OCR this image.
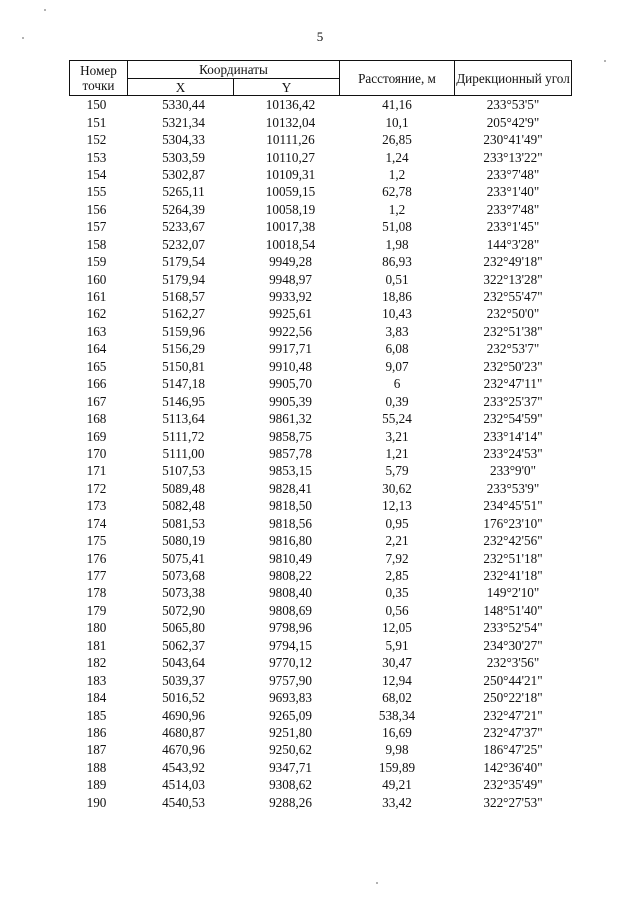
5
Номер точки	Координаты		Расстояние, м	Дирекционный угол
	X	Y		
150	5330,44	10136,42	41,16	233°53'5"
151	5321,34	10132,04	10,1	205°42'9"
152	5304,33	10111,26	26,85	230°41'49"
153	5303,59	10110,27	1,24	233°13'22"
154	5302,87	10109,31	1,2	233°7'48"
155	5265,11	10059,15	62,78	233°1'40"
156	5264,39	10058,19	1,2	233°7'48"
157	5233,67	10017,38	51,08	233°1'45"
158	5232,07	10018,54	1,98	144°3'28"
159	5179,54	9949,28	86,93	232°49'18"
160	5179,94	9948,97	0,51	322°13'28"
161	5168,57	9933,92	18,86	232°55'47"
162	5162,27	9925,61	10,43	232°50'0"
163	5159,96	9922,56	3,83	232°51'38"
164	5156,29	9917,71	6,08	232°53'7"
165	5150,81	9910,48	9,07	232°50'23"
166	5147,18	9905,70	6	232°47'11"
167	5146,95	9905,39	0,39	233°25'37"
168	5113,64	9861,32	55,24	232°54'59"
169	5111,72	9858,75	3,21	233°14'14"
170	5111,00	9857,78	1,21	233°24'53"
171	5107,53	9853,15	5,79	233°9'0"
172	5089,48	9828,41	30,62	233°53'9"
173	5082,48	9818,50	12,13	234°45'51"
174	5081,53	9818,56	0,95	176°23'10"
175	5080,19	9816,80	2,21	232°42'56"
176	5075,41	9810,49	7,92	232°51'18"
177	5073,68	9808,22	2,85	232°41'18"
178	5073,38	9808,40	0,35	149°2'10"
179	5072,90	9808,69	0,56	148°51'40"
180	5065,80	9798,96	12,05	233°52'54"
181	5062,37	9794,15	5,91	234°30'27"
182	5043,64	9770,12	30,47	232°3'56"
183	5039,37	9757,90	12,94	250°44'21"
184	5016,52	9693,83	68,02	250°22'18"
185	4690,96	9265,09	538,34	232°47'21"
186	4680,87	9251,80	16,69	232°47'37"
187	4670,96	9250,62	9,98	186°47'25"
188	4543,92	9347,71	159,89	142°36'40"
189	4514,03	9308,62	49,21	232°35'49"
190	4540,53	9288,26	33,42	322°27'53"
